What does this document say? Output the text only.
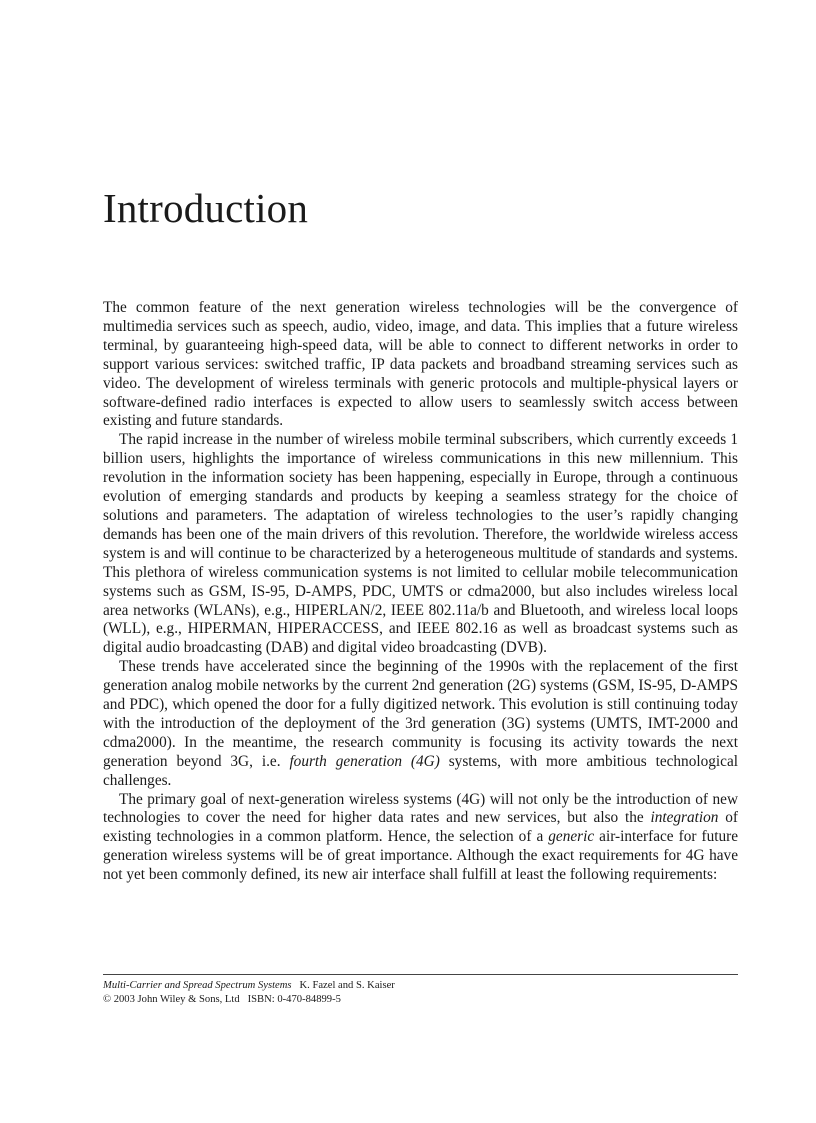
Introduction

The common feature of the next generation wireless technologies will be the convergence of multimedia services such as speech, audio, video, image, and data. This implies that a future wireless terminal, by guaranteeing high-speed data, will be able to connect to different networks in order to support various services: switched traffic, IP data packets and broadband streaming services such as video. The development of wireless terminals with generic protocols and multiple-physical layers or software-defined radio interfaces is expected to allow users to seamlessly switch access between existing and future standards.

The rapid increase in the number of wireless mobile terminal subscribers, which currently exceeds 1 billion users, highlights the importance of wireless communications in this new millennium. This revolution in the information society has been happening, especially in Europe, through a continuous evolution of emerging standards and products by keeping a seamless strategy for the choice of solutions and parameters. The adaptation of wireless technologies to the user’s rapidly changing demands has been one of the main drivers of this revolution. Therefore, the worldwide wireless access system is and will continue to be characterized by a heterogeneous multitude of standards and systems. This plethora of wireless communication systems is not limited to cellular mobile telecommunication systems such as GSM, IS-95, D-AMPS, PDC, UMTS or cdma2000, but also includes wireless local area networks (WLANs), e.g., HIPERLAN/2, IEEE 802.11a/b and Bluetooth, and wireless local loops (WLL), e.g., HIPERMAN, HIPERACCESS, and IEEE 802.16 as well as broadcast systems such as digital audio broadcasting (DAB) and digital video broadcasting (DVB).

These trends have accelerated since the beginning of the 1990s with the replacement of the first generation analog mobile networks by the current 2nd generation (2G) systems (GSM, IS-95, D-AMPS and PDC), which opened the door for a fully digitized network. This evolution is still continuing today with the introduction of the deployment of the 3rd generation (3G) systems (UMTS, IMT-2000 and cdma2000). In the meantime, the research community is focusing its activity towards the next generation beyond 3G, i.e. fourth generation (4G) systems, with more ambitious technological challenges.

The primary goal of next-generation wireless systems (4G) will not only be the introduction of new technologies to cover the need for higher data rates and new services, but also the integration of existing technologies in a common platform. Hence, the selection of a generic air-interface for future generation wireless systems will be of great importance. Although the exact requirements for 4G have not yet been commonly defined, its new air interface shall fulfill at least the following requirements:

Multi-Carrier and Spread Spectrum Systems K. Fazel and S. Kaiser

© 2003 John Wiley & Sons, Ltd ISBN: 0-470-84899-5
